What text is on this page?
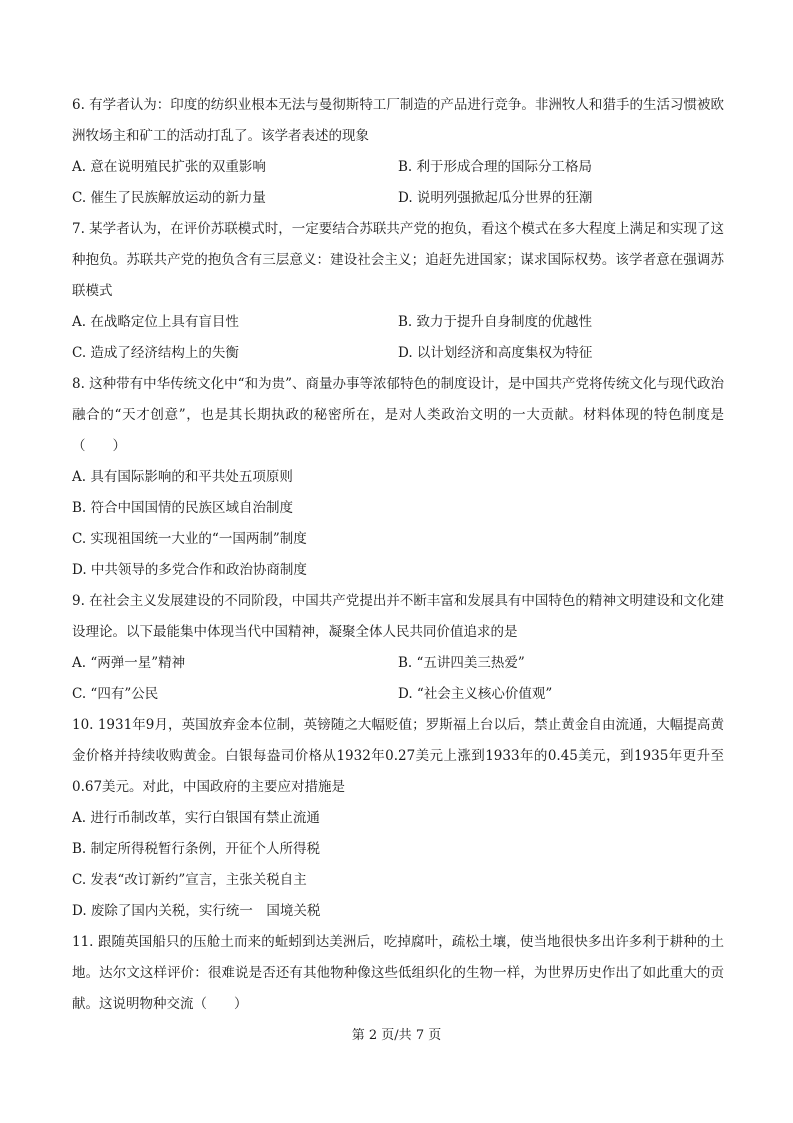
6. 有学者认为：印度的纺织业根本无法与曼彻斯特工厂制造的产品进行竞争。非洲牧人和猎手的生活习惯被欧洲牧场主和矿工的活动打乱了。该学者表述的现象

A. 意在说明殖民扩张的双重影响	B. 利于形成合理的国际分工格局
C. 催生了民族解放运动的新力量	D. 说明列强掀起瓜分世界的狂潮

7. 某学者认为，在评价苏联模式时，一定要结合苏联共产党的抱负，看这个模式在多大程度上满足和实现了这种抱负。苏联共产党的抱负含有三层意义：建设社会主义；追赶先进国家；谋求国际权势。该学者意在强调苏联模式

A. 在战略定位上具有盲目性	B. 致力于提升自身制度的优越性
C. 造成了经济结构上的失衡	D. 以计划经济和高度集权为特征

8. 这种带有中华传统文化中“和为贵”、商量办事等浓郁特色的制度设计，是中国共产党将传统文化与现代政治融合的“天才创意”，也是其长期执政的秘密所在，是对人类政治文明的一大贡献。材料体现的特色制度是（　　）

A. 具有国际影响的和平共处五项原则
B. 符合中国国情的民族区域自治制度
C. 实现祖国统一大业的“一国两制”制度
D. 中共领导的多党合作和政治协商制度

9. 在社会主义发展建设的不同阶段，中国共产党提出并不断丰富和发展具有中国特色的精神文明建设和文化建设理论。以下最能集中体现当代中国精神，凝聚全体人民共同价值追求的是

A. “两弹一星”精神	B. “五讲四美三热爱”
C. “四有”公民	D. “社会主义核心价值观”

10. 1931年9月，英国放弃金本位制，英镑随之大幅贬值；罗斯福上台以后，禁止黄金自由流通，大幅提高黄金价格并持续收购黄金。白银每盎司价格从1932年0.27美元上涨到1933年的0.45美元，到1935年更升至0.67美元。对此，中国政府的主要应对措施是

A. 进行币制改革，实行白银国有禁止流通
B. 制定所得税暂行条例，开征个人所得税
C. 发表“改订新约”宣言，主张关税自主
D. 废除了国内关税，实行统一　国境关税

11. 跟随英国船只的压舱土而来的蚯蚓到达美洲后，吃掉腐叶，疏松土壤，使当地很快多出许多利于耕种的土地。达尔文这样评价：很难说是否还有其他物种像这些低组织化的生物一样，为世界历史作出了如此重大的贡献。这说明物种交流（　　）

第 2 页/共 7 页
